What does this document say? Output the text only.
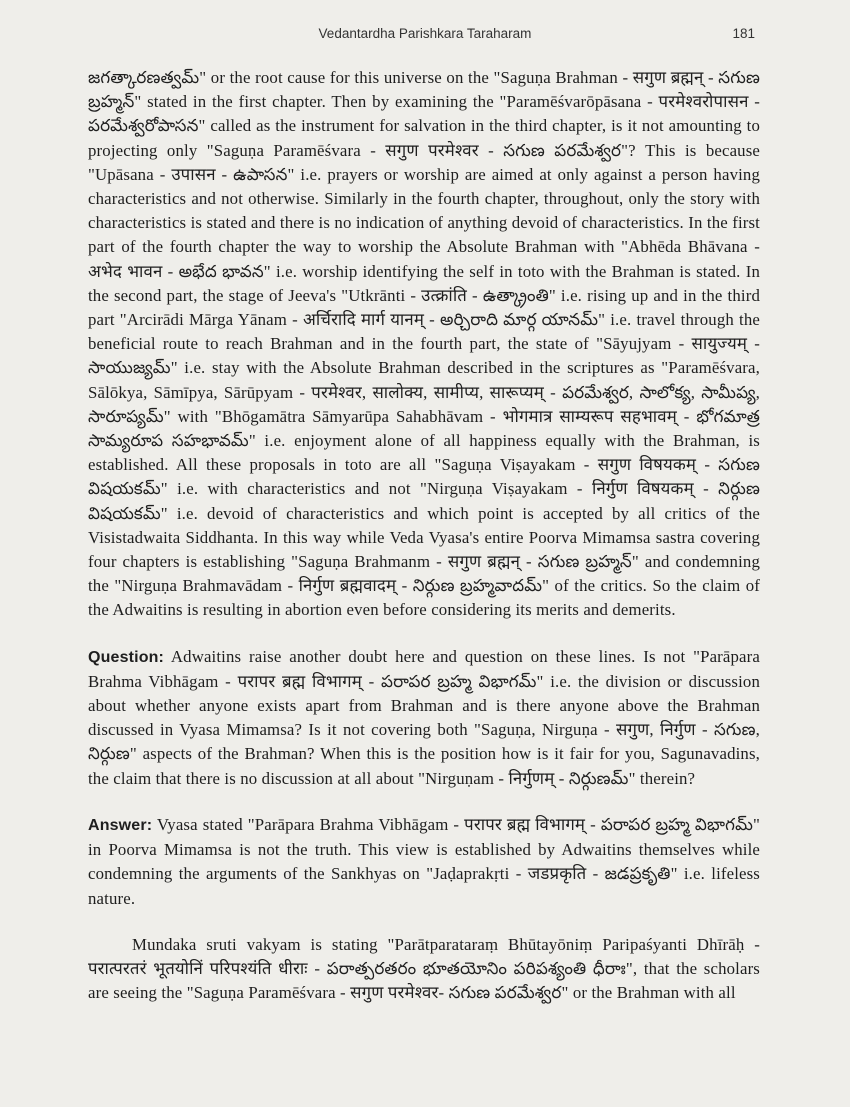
Vedantardha Parishkara Taraharam	181

జగత్కారణత్వమ్" or the root cause for this universe on the "Saguṇa Brahman - सगुण ब्रह्मन् - సగుణ బ్రహ్మన్" stated in the first chapter. Then by examining the "Paramēśvarōpāsana - परमेश्वरोपासन - పరమేశ్వరోపాసన" called as the instrument for salvation in the third chapter, is it not amounting to projecting only "Saguṇa Paramēśvara - सगुण परमेश्वर - సగుణ పరమేశ్వర"? This is because "Upāsana - उपासन - ఉపాసన" i.e. prayers or worship are aimed at only against a person having characteristics and not otherwise. Similarly in the fourth chapter, throughout, only the story with characteristics is stated and there is no indication of anything devoid of characteristics. In the first part of the fourth chapter the way to worship the Absolute Brahman with "Abhēda Bhāvana - अभेद भावन - అభేద భావన" i.e. worship identifying the self in toto with the Brahman is stated. In the second part, the stage of Jeeva's "Utkrānti - उत्क्रांति - ఉత్క్రాంతి" i.e. rising up and in the third part "Arcirādi Mārga Yānam - अर्चिरादि मार्ग यानम् - అర్చిరాది మార్గ యానమ్" i.e. travel through the beneficial route to reach Brahman and in the fourth part, the state of "Sāyujyam - सायुज्यम् - సాయుజ్యమ్" i.e. stay with the Absolute Brahman described in the scriptures as "Paramēśvara, Sālōkya, Sāmīpya, Sārūpyam - परमेश्वर, सालोक्य, सामीप्य, सारूप्यम् - పరమేశ్వర, సాలోక్య, సామీప్య, సారూప్యమ్" with "Bhōgamātra Sāmyarūpa Sahabhāvam - भोगमात्र साम्यरूप सहभावम् - భోగమాత్ర సామ్యరూప సహభావమ్" i.e. enjoyment alone of all happiness equally with the Brahman, is established. All these proposals in toto are all "Saguṇa Viṣayakam - सगुण विषयकम् - సగుణ విషయకమ్" i.e. with characteristics and not "Nirguṇa Viṣayakam - निर्गुण विषयकम् - నిర్గుణ విషయకమ్" i.e. devoid of characteristics and which point is accepted by all critics of the Visistadwaita Siddhanta. In this way while Veda Vyasa's entire Poorva Mimamsa sastra covering four chapters is establishing "Saguṇa Brahmanm - सगुण ब्रह्मन् - సగుణ బ్రహ్మన్" and condemning the "Nirguṇa Brahmavādam - निर्गुण ब्रह्मवादम् - నిర్గుణ బ్రహ్మవాదమ్" of the critics. So the claim of the Adwaitins is resulting in abortion even before considering its merits and demerits.

Question: Adwaitins raise another doubt here and question on these lines. Is not "Parāpara Brahma Vibhāgam - परापर ब्रह्म विभागम् - పరాపర బ్రహ్మ విభాగమ్" i.e. the division or discussion about whether anyone exists apart from Brahman and is there anyone above the Brahman discussed in Vyasa Mimamsa? Is it not covering both "Saguṇa, Nirguṇa - सगुण, निर्गुण - సగుణ, నిర్గుణ" aspects of the Brahman? When this is the position how is it fair for you, Sagunavadins, the claim that there is no discussion at all about "Nirguṇam - निर्गुणम् - నిర్గుణమ్" therein?

Answer: Vyasa stated "Parāpara Brahma Vibhāgam - परापर ब्रह्म विभागम् - పరాపర బ్రహ్మ విభాగమ్" in Poorva Mimamsa is not the truth. This view is established by Adwaitins themselves while condemning the arguments of the Sankhyas on "Jaḍaprakṛti - जडप्रकृति - జడప్రకృతి" i.e. lifeless nature.

Mundaka sruti vakyam is stating "Parātparataraṃ Bhūtayōniṃ Paripaśyanti Dhīrāḥ - परात्परतरं भूतयोनिं परिपश्यंति धीराः - పరాత్పరతరం భూతయోనిం పరిపశ్యంతి ధీరాః", that the scholars are seeing the "Saguṇa Paramēśvara - सगुण परमेश्वर- సగుణ పరమేశ్వర" or the Brahman with all
